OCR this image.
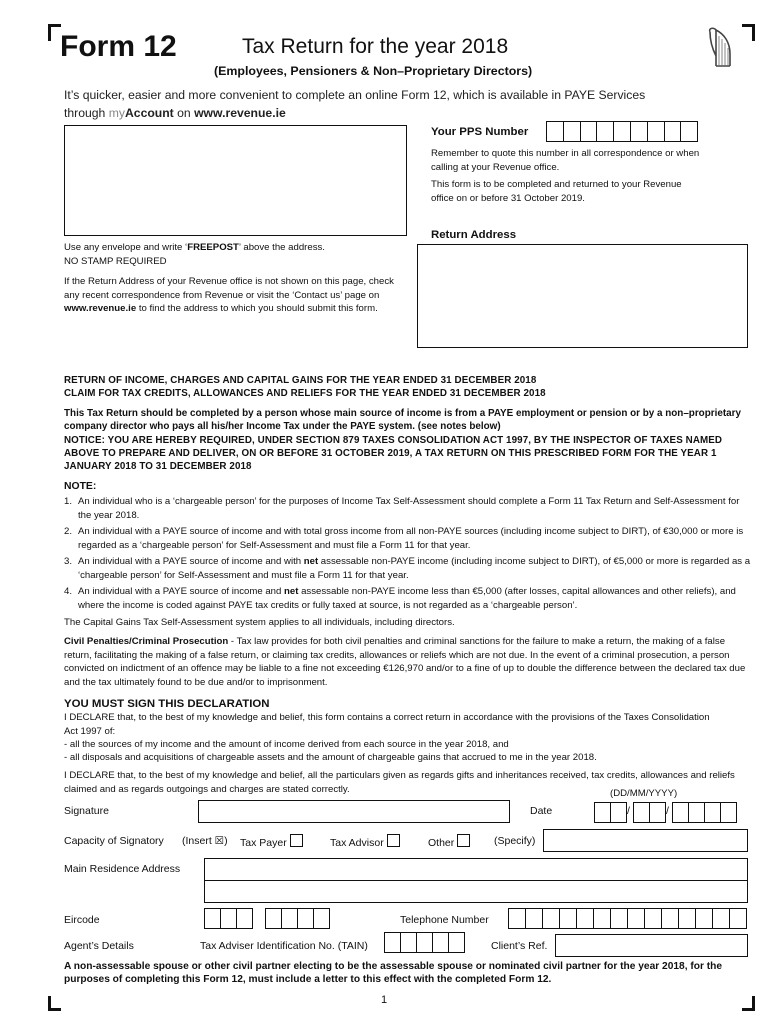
Form 12	Tax Return for the year 2018
(Employees, Pensioners & Non–Proprietary Directors)
It’s quicker, easier and more convenient to complete an online Form 12, which is available in PAYE Services
through myAccount on www.revenue.ie
Your PPS Number
Remember to quote this number in all correspondence or when calling at your Revenue office.
This form is to be completed and returned to your Revenue office on or before 31 October 2019.
Return Address
Use any envelope and write ‘FREEPOST’ above the address.
NO STAMP REQUIRED
If the Return Address of your Revenue office is not shown on this page, check any recent correspondence from Revenue or visit the ‘Contact us’ page on www.revenue.ie to find the address to which you should submit this form.
RETURN OF INCOME, CHARGES AND CAPITAL GAINS FOR THE YEAR ENDED 31 DECEMBER 2018
CLAIM FOR TAX CREDITS, ALLOWANCES AND RELIEFS FOR THE YEAR ENDED 31 DECEMBER 2018
This Tax Return should be completed by a person whose main source of income is from a PAYE employment or pension or by a non–proprietary company director who pays all his/her Income Tax under the PAYE system. (see notes below)
NOTICE: YOU ARE HEREBY REQUIRED, UNDER SECTION 879 TAXES CONSOLIDATION ACT 1997, BY THE INSPECTOR OF TAXES NAMED ABOVE TO PREPARE AND DELIVER, ON OR BEFORE 31 OCTOBER 2019, A TAX RETURN ON THIS PRESCRIBED FORM FOR THE YEAR 1 JANUARY 2018 TO 31 DECEMBER 2018
NOTE:
1. An individual who is a ‘chargeable person’ for the purposes of Income Tax Self-Assessment should complete a Form 11 Tax Return and Self-Assessment for the year 2018.
2. An individual with a PAYE source of income and with total gross income from all non-PAYE sources (including income subject to DIRT), of €30,000 or more is regarded as a ‘chargeable person’ for Self-Assessment and must file a Form 11 for that year.
3. An individual with a PAYE source of income and with net assessable non-PAYE income (including income subject to DIRT), of €5,000 or more is regarded as a ‘chargeable person’ for Self-Assessment and must file a Form 11 for that year.
4. An individual with a PAYE source of income and net assessable non-PAYE income less than €5,000 (after losses, capital allowances and other reliefs), and where the income is coded against PAYE tax credits or fully taxed at source, is not regarded as a ‘chargeable person’.
The Capital Gains Tax Self-Assessment system applies to all individuals, including directors.
Civil Penalties/Criminal Prosecution - Tax law provides for both civil penalties and criminal sanctions for the failure to make a return, the making of a false return, facilitating the making of a false return, or claiming tax credits, allowances or reliefs which are not due. In the event of a criminal prosecution, a person convicted on indictment of an offence may be liable to a fine not exceeding €126,970 and/or to a fine of up to double the difference between the declared tax due and the tax ultimately found to be due and/or to imprisonment.
YOU MUST SIGN THIS DECLARATION
I DECLARE that, to the best of my knowledge and belief, this form contains a correct return in accordance with the provisions of the Taxes Consolidation Act 1997 of:
- all the sources of my income and the amount of income derived from each source in the year 2018, and
- all disposals and acquisitions of chargeable assets and the amount of chargeable gains that accrued to me in the year 2018.
I DECLARE that, to the best of my knowledge and belief, all the particulars given as regards gifts and inheritances received, tax credits, allowances and reliefs claimed and as regards outgoings and charges are stated correctly.	(DD/MM/YYYY)
Signature	Date	/	/
Capacity of Signatory (Insert ☒) Tax Payer	Tax Advisor	Other	(Specify)
Main Residence Address
Eircode	Telephone Number
Agent’s Details	Tax Adviser Identification No. (TAIN)	Client’s Ref.
A non-assessable spouse or other civil partner electing to be the assessable spouse or nominated civil partner for the year 2018, for the purposes of completing this Form 12, must include a letter to this effect with the completed Form 12.
1
